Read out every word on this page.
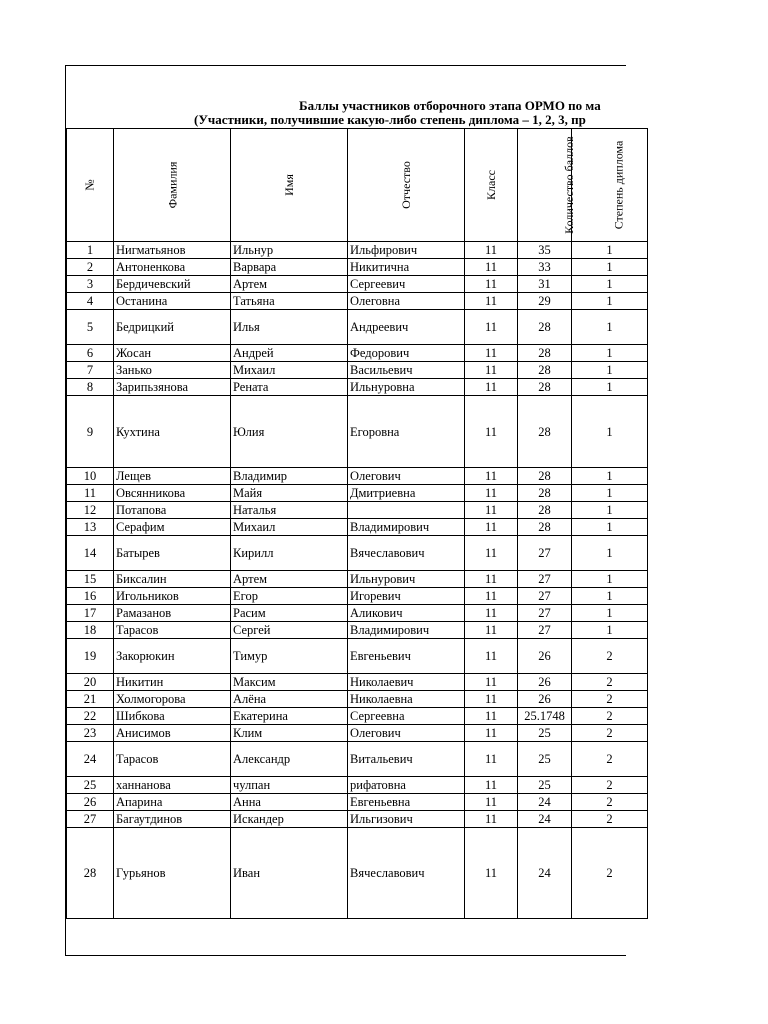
Баллы участников отборочного этапа ОРМО по ма
(Участники, получившие какую-либо степень диплома – 1, 2, 3, пр
№	Фамилия	Имя	Отчество	Класс	Количество баллов	Степень диплома
1	Нигматьянов	Ильнур	Ильфирович	11	35	1
2	Антоненкова	Варвара	Никитична	11	33	1
3	Бердичевский	Артем	Сергеевич	11	31	1
4	Останина	Татьяна	Олеговна	11	29	1
5	Бедрицкий	Илья	Андреевич	11	28	1
6	Жосан	Андрей	Федорович	11	28	1
7	Занько	Михаил	Васильевич	11	28	1
8	Зарипьзянова	Рената	Ильнуровна	11	28	1
9	Кухтина	Юлия	Егоровна	11	28	1
10	Лещев	Владимир	Олегович	11	28	1
11	Овсянникова	Майя	Дмитриевна	11	28	1
12	Потапова	Наталья		11	28	1
13	Серафим	Михаил	Владимирович	11	28	1
14	Батырев	Кирилл	Вячеславович	11	27	1
15	Биксалин	Артем	Ильнурович	11	27	1
16	Игольников	Егор	Игоревич	11	27	1
17	Рамазанов	Расим	Аликович	11	27	1
18	Тарасов	Сергей	Владимирович	11	27	1
19	Закорюкин	Тимур	Евгеньевич	11	26	2
20	Никитин	Максим	Николаевич	11	26	2
21	Холмогорова	Алёна	Николаевна	11	26	2
22	Шибкова	Екатерина	Сергеевна	11	25.1748	2
23	Анисимов	Клим	Олегович	11	25	2
24	Тарасов	Александр	Витальевич	11	25	2
25	ханнанова	чулпан	рифатовна	11	25	2
26	Апарина	Анна	Евгеньевна	11	24	2
27	Багаутдинов	Искандер	Ильгизович	11	24	2
28	Гурьянов	Иван	Вячеславович	11	24	2
